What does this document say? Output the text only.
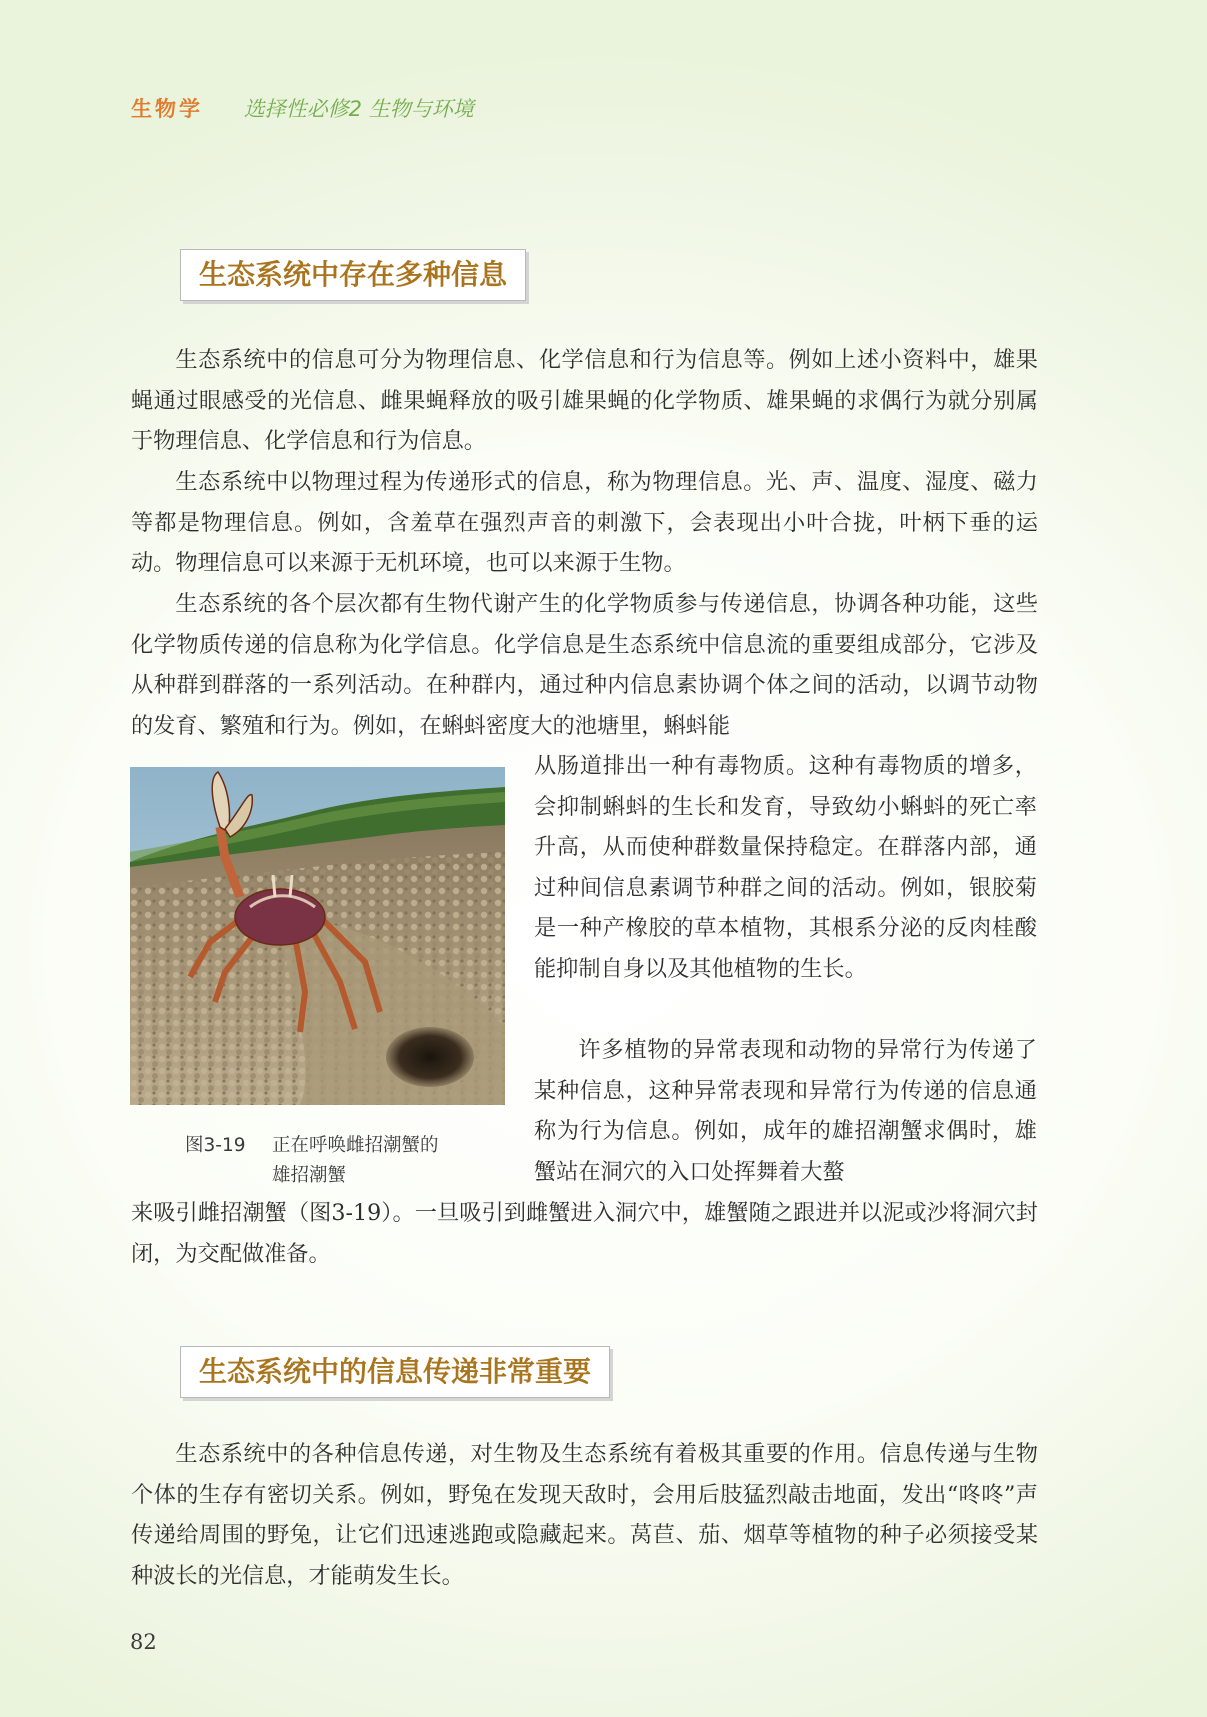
生物学 选择性必修2 生物与环境
生态系统中存在多种信息

生态系统中的信息可分为物理信息、化学信息和行为信息等。例如上述小资料中，雄果蝇通过眼感受的光信息、雌果蝇释放的吸引雄果蝇的化学物质、雄果蝇的求偶行为就分别属于物理信息、化学信息和行为信息。

生态系统中以物理过程为传递形式的信息，称为物理信息。光、声、温度、湿度、磁力等都是物理信息。例如，含羞草在强烈声音的刺激下，会表现出小叶合拢，叶柄下垂的运动。物理信息可以来源于无机环境，也可以来源于生物。

生态系统的各个层次都有生物代谢产生的化学物质参与传递信息，协调各种功能，这些化学物质传递的信息称为化学信息。化学信息是生态系统中信息流的重要组成部分，它涉及从种群到群落的一系列活动。在种群内，通过种内信息素协调个体之间的活动，以调节动物的发育、繁殖和行为。例如，在蝌蚪密度大的池塘里，蝌蚪能

从肠道排出一种有毒物质。这种有毒物质的增多，会抑制蝌蚪的生长和发育，导致幼小蝌蚪的死亡率升高，从而使种群数量保持稳定。在群落内部，通过种间信息素调节种群之间的活动。例如，银胶菊是一种产橡胶的草本植物，其根系分泌的反肉桂酸能抑制自身以及其他植物的生长。

许多植物的异常表现和动物的异常行为传递了某种信息，这种异常表现和异常行为传递的信息通称为行为信息。例如，成年的雄招潮蟹求偶时，雄蟹站在洞穴的入口处挥舞着大螯

来吸引雌招潮蟹（图3-19）。一旦吸引到雌蟹进入洞穴中，雄蟹随之跟进并以泥或沙将洞穴封闭，为交配做准备。

图3-19 正在呼唤雌招潮蟹的
雄招潮蟹
生态系统中的信息传递非常重要

生态系统中的各种信息传递，对生物及生态系统有着极其重要的作用。信息传递与生物个体的生存有密切关系。例如，野兔在发现天敌时，会用后肢猛烈敲击地面，发出“咚咚”声传递给周围的野兔，让它们迅速逃跑或隐藏起来。莴苣、茄、烟草等植物的种子必须接受某种波长的光信息，才能萌发生长。

82
